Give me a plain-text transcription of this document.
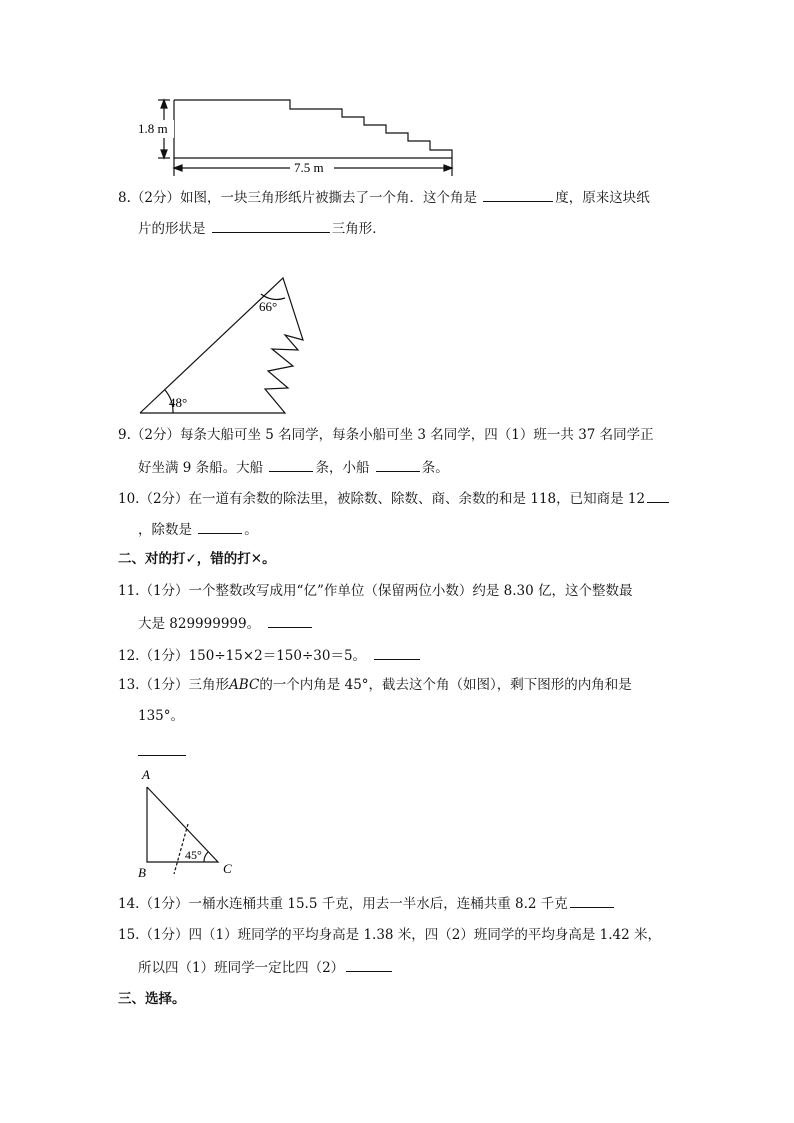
1.8 m
7.5 m
8.（2分）如图，一块三角形纸片被撕去了一个角．这个角是	度，原来这块纸
片的形状是	三角形．
66°
48°
9.（2分）每条大船可坐 5 名同学，每条小船可坐 3 名同学，四（1）班一共 37 名同学正
好坐满 9 条船。大船	条，小船	条。
10.（2分）在一道有余数的除法里，被除数、除数、商、余数的和是 118，已知商是 12
，除数是	。
二、对的打✓，错的打✕。
11.（1分）一个整数改写成用“亿”作单位（保留两位小数）约是 8.30 亿，这个整数最
大是 829999999。
12.（1分）150÷15×2＝150÷30＝5。
13.（1分）三角形ABC的一个内角是 45°，截去这个角（如图），剩下图形的内角和是
135°。
A
B	C
45°
14.（1分）一桶水连桶共重 15.5 千克，用去一半水后，连桶共重 8.2 千克
15.（1分）四（1）班同学的平均身高是 1.38 米，四（2）班同学的平均身高是 1.42 米，
所以四（1）班同学一定比四（2）
三、选择。
